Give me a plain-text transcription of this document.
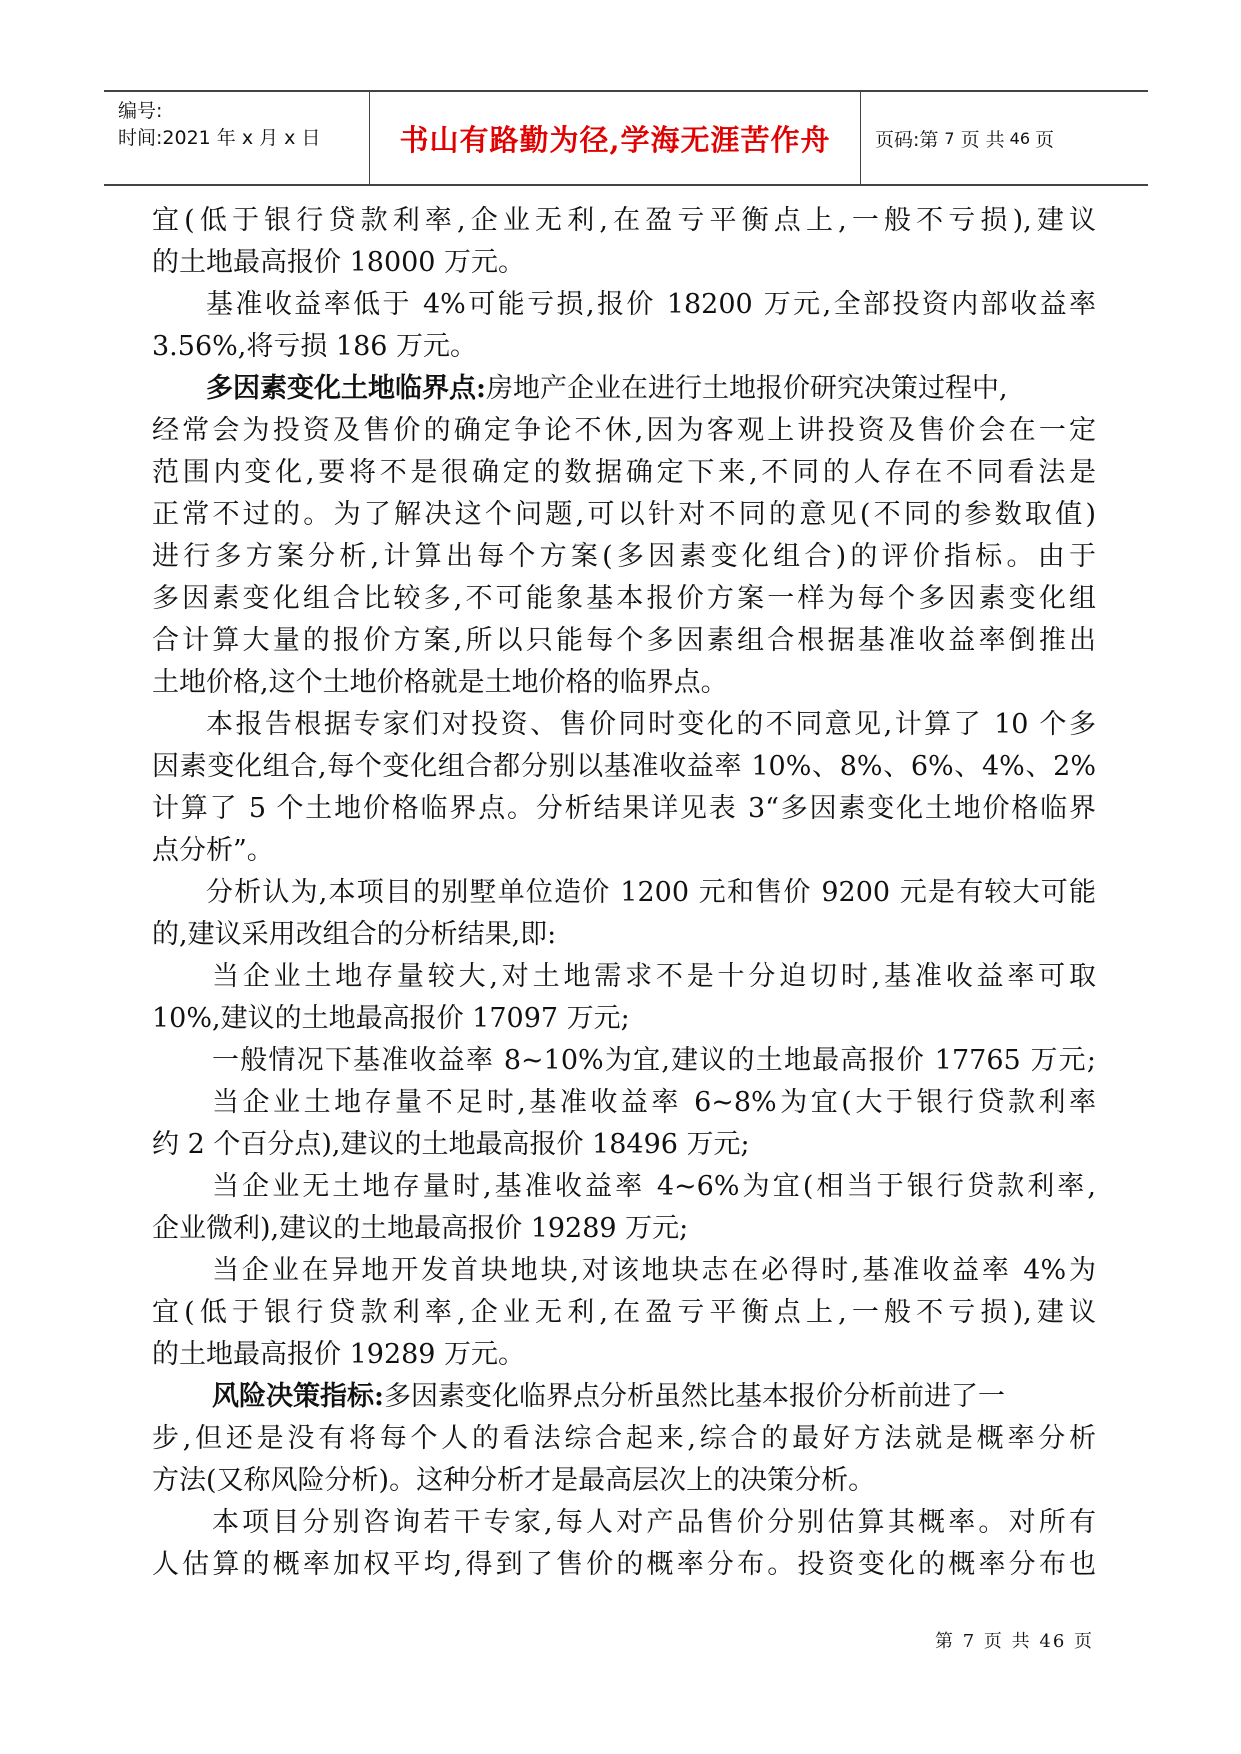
编号:
时间:2021 年 x 月 x 日	书山有路勤为径,学海无涯苦作舟 页码:第 7 页 共 46 页
宜(低于银行贷款利率,企业无利,在盈亏平衡点上,一般不亏损),建议
的土地最高报价 18000 万元。
基准收益率低于 4%可能亏损,报价 18200 万元,全部投资内部收益率
3.56%,将亏损 186 万元。
多因素变化土地临界点:房地产企业在进行土地报价研究决策过程中,
经常会为投资及售价的确定争论不休,因为客观上讲投资及售价会在一定
范围内变化,要将不是很确定的数据确定下来,不同的人存在不同看法是
正常不过的。为了解决这个问题,可以针对不同的意见(不同的参数取值)
进行多方案分析,计算出每个方案(多因素变化组合)的评价指标。由于
多因素变化组合比较多,不可能象基本报价方案一样为每个多因素变化组
合计算大量的报价方案,所以只能每个多因素组合根据基准收益率倒推出
土地价格,这个土地价格就是土地价格的临界点。
本报告根据专家们对投资、售价同时变化的不同意见,计算了 10 个多
因素变化组合,每个变化组合都分别以基准收益率 10%、8%、6%、4%、2%
计算了 5 个土地价格临界点。分析结果详见表 3“多因素变化土地价格临界
点分析”。
分析认为,本项目的别墅单位造价 1200 元和售价 9200 元是有较大可能
的,建议采用改组合的分析结果,即:
当企业土地存量较大,对土地需求不是十分迫切时,基准收益率可取
10%,建议的土地最高报价 17097 万元;
一般情况下基准收益率 8~10%为宜,建议的土地最高报价 17765 万元;
当企业土地存量不足时,基准收益率 6~8%为宜(大于银行贷款利率
约 2 个百分点),建议的土地最高报价 18496 万元;
当企业无土地存量时,基准收益率 4~6%为宜(相当于银行贷款利率,
企业微利),建议的土地最高报价 19289 万元;
当企业在异地开发首块地块,对该地块志在必得时,基准收益率 4%为
宜(低于银行贷款利率,企业无利,在盈亏平衡点上,一般不亏损),建议
的土地最高报价 19289 万元。
风险决策指标:多因素变化临界点分析虽然比基本报价分析前进了一
步,但还是没有将每个人的看法综合起来,综合的最好方法就是概率分析
方法(又称风险分析)。这种分析才是最高层次上的决策分析。
本项目分别咨询若干专家,每人对产品售价分别估算其概率。对所有
人估算的概率加权平均,得到了售价的概率分布。投资变化的概率分布也
第 7 页 共 46 页
